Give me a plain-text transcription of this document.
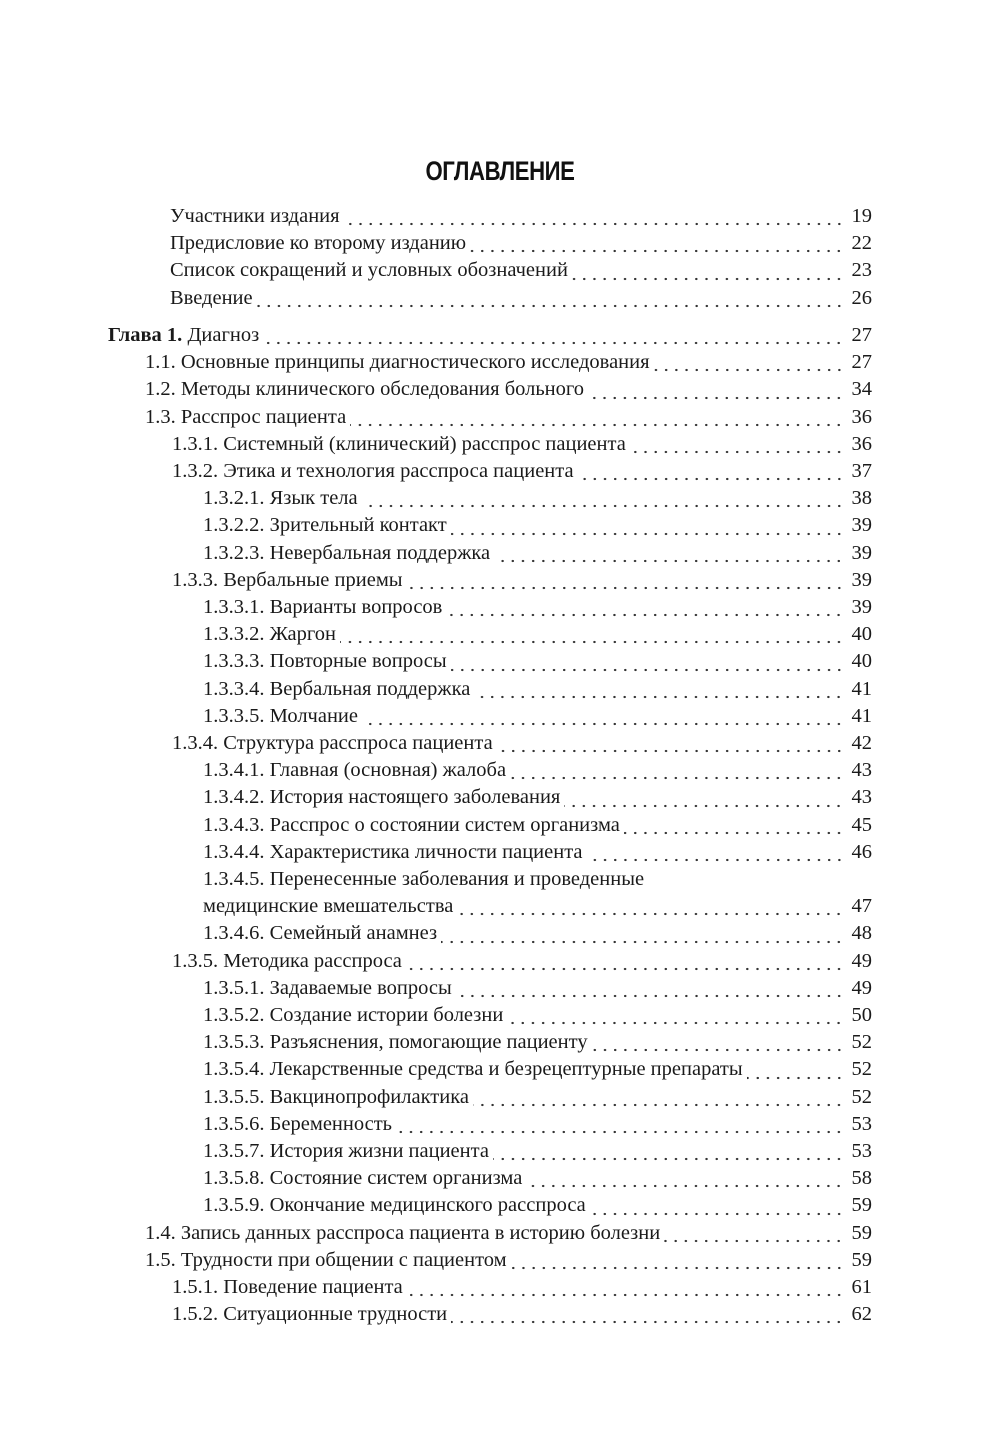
ОГЛАВЛЕНИЕ
Участники издания	19
Предисловие ко второму изданию	22
Список сокращений и условных обозначений	23
Введение	26
Глава 1. Диагноз	27
1.1. Основные принципы диагностического исследования	27
1.2. Методы клинического обследования больного	34
1.3. Расспрос пациента	36
1.3.1. Системный (клинический) расспрос пациента	36
1.3.2. Этика и технология расспроса пациента	37
1.3.2.1. Язык тела	38
1.3.2.2. Зрительный контакт	39
1.3.2.3. Невербальная поддержка	39
1.3.3. Вербальные приемы	39
1.3.3.1. Варианты вопросов	39
1.3.3.2. Жаргон	40
1.3.3.3. Повторные вопросы	40
1.3.3.4. Вербальная поддержка	41
1.3.3.5. Молчание	41
1.3.4. Структура расспроса пациента	42
1.3.4.1. Главная (основная) жалоба	43
1.3.4.2. История настоящего заболевания	43
1.3.4.3. Расспрос о состоянии систем организма	45
1.3.4.4. Характеристика личности пациента	46
1.3.4.5. Перенесенные заболевания и проведенные
медицинские вмешательства	47
1.3.4.6. Семейный анамнез	48
1.3.5. Методика расспроса	49
1.3.5.1. Задаваемые вопросы	49
1.3.5.2. Создание истории болезни	50
1.3.5.3. Разъяснения, помогающие пациенту	52
1.3.5.4. Лекарственные средства и безрецептурные препараты	52
1.3.5.5. Вакцинопрофилактика	52
1.3.5.6. Беременность	53
1.3.5.7. История жизни пациента	53
1.3.5.8. Состояние систем организма	58
1.3.5.9. Окончание медицинского расспроса	59
1.4. Запись данных расспроса пациента в историю болезни	59
1.5. Трудности при общении с пациентом	59
1.5.1. Поведение пациента	61
1.5.2. Ситуационные трудности	62
